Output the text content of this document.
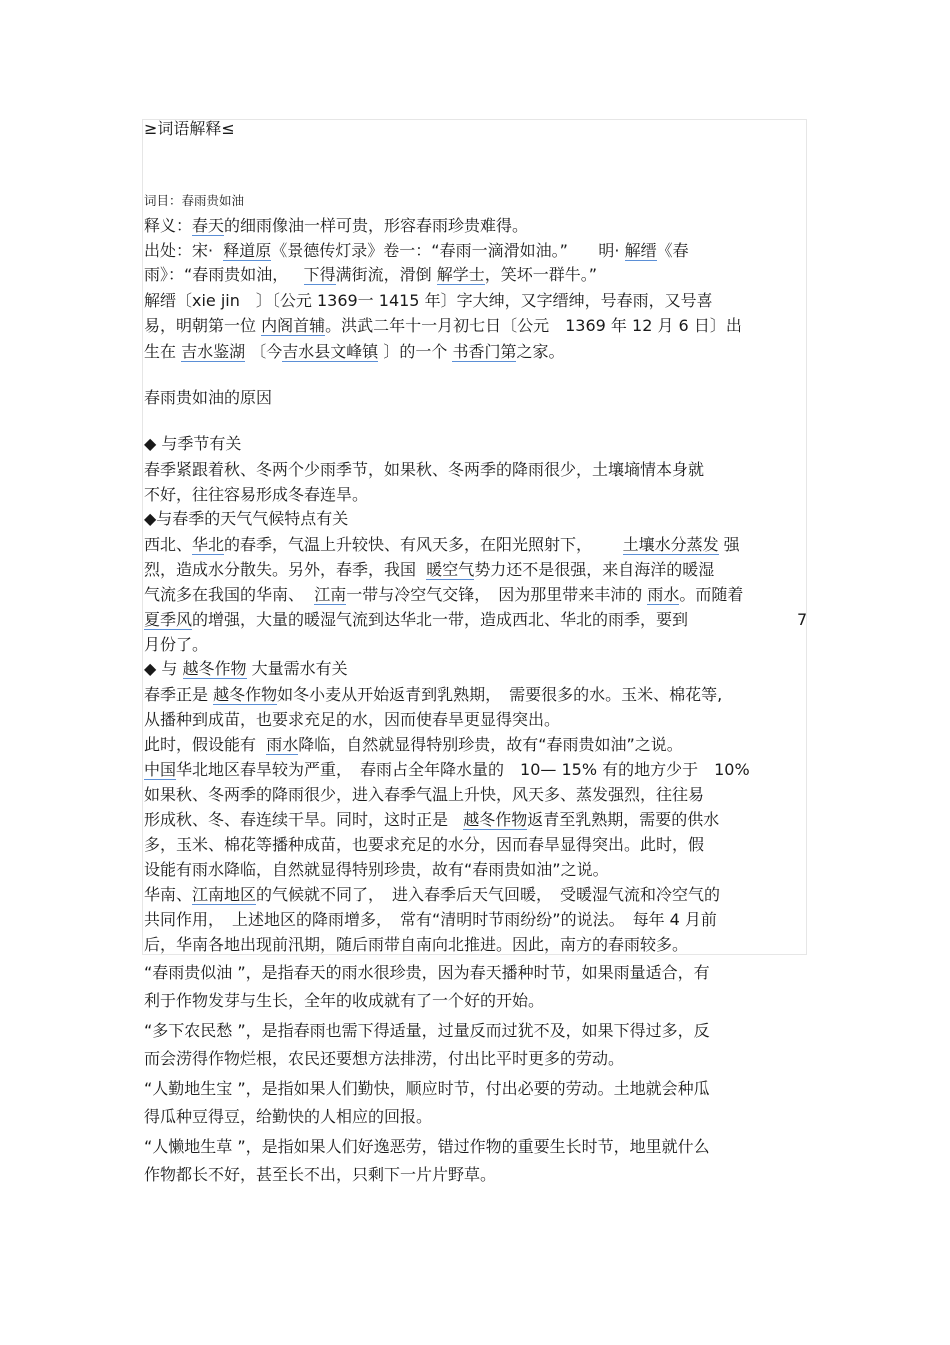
≥词语解释≤
词目：春雨贵如油
释义：春天的细雨像油一样可贵，形容春雨珍贵难得。
出处：宋· 释道原《景德传灯录》卷一：“春雨一滴滑如油。” 明· 解缙《春
雨》：“春雨贵如油， 下得满街流，滑倒 解学士，笑坏一群牛。”
解缙〔xie jin　〕〔公元 1369一 1415 年〕字大绅，又字缙绅，号春雨，又号喜
易，明朝第一位 内阁首辅。洪武二年十一月初七日〔公元　1369 年 12 月 6 日〕出
生在 吉水鉴湖 〔今吉水县文峰镇 〕的一个 书香门第之家。
春雨贵如油的原因
◆ 与季节有关
春季紧跟着秋、冬两个少雨季节，如果秋、冬两季的降雨很少，土壤墒情本身就
不好，往往容易形成冬春连旱。
◆与春季的天气气候特点有关
西北、华北的春季，气温上升较快、有风天多，在阳光照射下， 土壤水分蒸发 强
烈，造成水分散失。另外，春季，我国 暖空气势力还不是很强，来自海洋的暖湿
气流多在我国的华南、 江南一带与冷空气交锋，　因为那里带来丰沛的 雨水。而随着
夏季风的增强，大量的暖湿气流到达华北一带，造成西北、华北的雨季，要到	7
月份了。
◆ 与 越冬作物 大量需水有关
春季正是 越冬作物如冬小麦从开始返青到乳熟期，　需要很多的水。玉米、棉花等,
从播种到成苗，也要求充足的水，因而使春旱更显得突出。
此时，假设能有 雨水降临，自然就显得特别珍贵，故有“春雨贵如油”之说。
中国华北地区春旱较为严重，　春雨占全年降水量的　10— 15% 有的地方少于　10%
如果秋、冬两季的降雨很少，进入春季气温上升快，风天多、蒸发强烈，往往易
形成秋、冬、春连续干旱。同时，这时正是 越冬作物返青至乳熟期，需要的供水
多，玉米、棉花等播种成苗，也要求充足的水分，因而春旱显得突出。此时，假
设能有雨水降临，自然就显得特别珍贵，故有“春雨贵如油”之说。
华南、江南地区的气候就不同了，　进入春季后天气回暖，　受暖湿气流和冷空气的
共同作用，　上述地区的降雨增多，　常有“清明时节雨纷纷”的说法。　每年 4 月前
后，华南各地出现前汛期，随后雨带自南向北推进。因此，南方的春雨较多。
“春雨贵似油 ”，是指春天的雨水很珍贵，因为春天播种时节，如果雨量适合，有
利于作物发芽与生长，全年的收成就有了一个好的开始。
“多下农民愁 ”，是指春雨也需下得适量，过量反而过犹不及，如果下得过多，反
而会涝得作物烂根，农民还要想方法排涝，付出比平时更多的劳动。
“人勤地生宝 ”，是指如果人们勤快，顺应时节，付出必要的劳动。土地就会种瓜
得瓜种豆得豆，给勤快的人相应的回报。
“人懒地生草 ”，是指如果人们好逸恶劳，错过作物的重要生长时节，地里就什么
作物都长不好，甚至长不出，只剩下一片片野草。
